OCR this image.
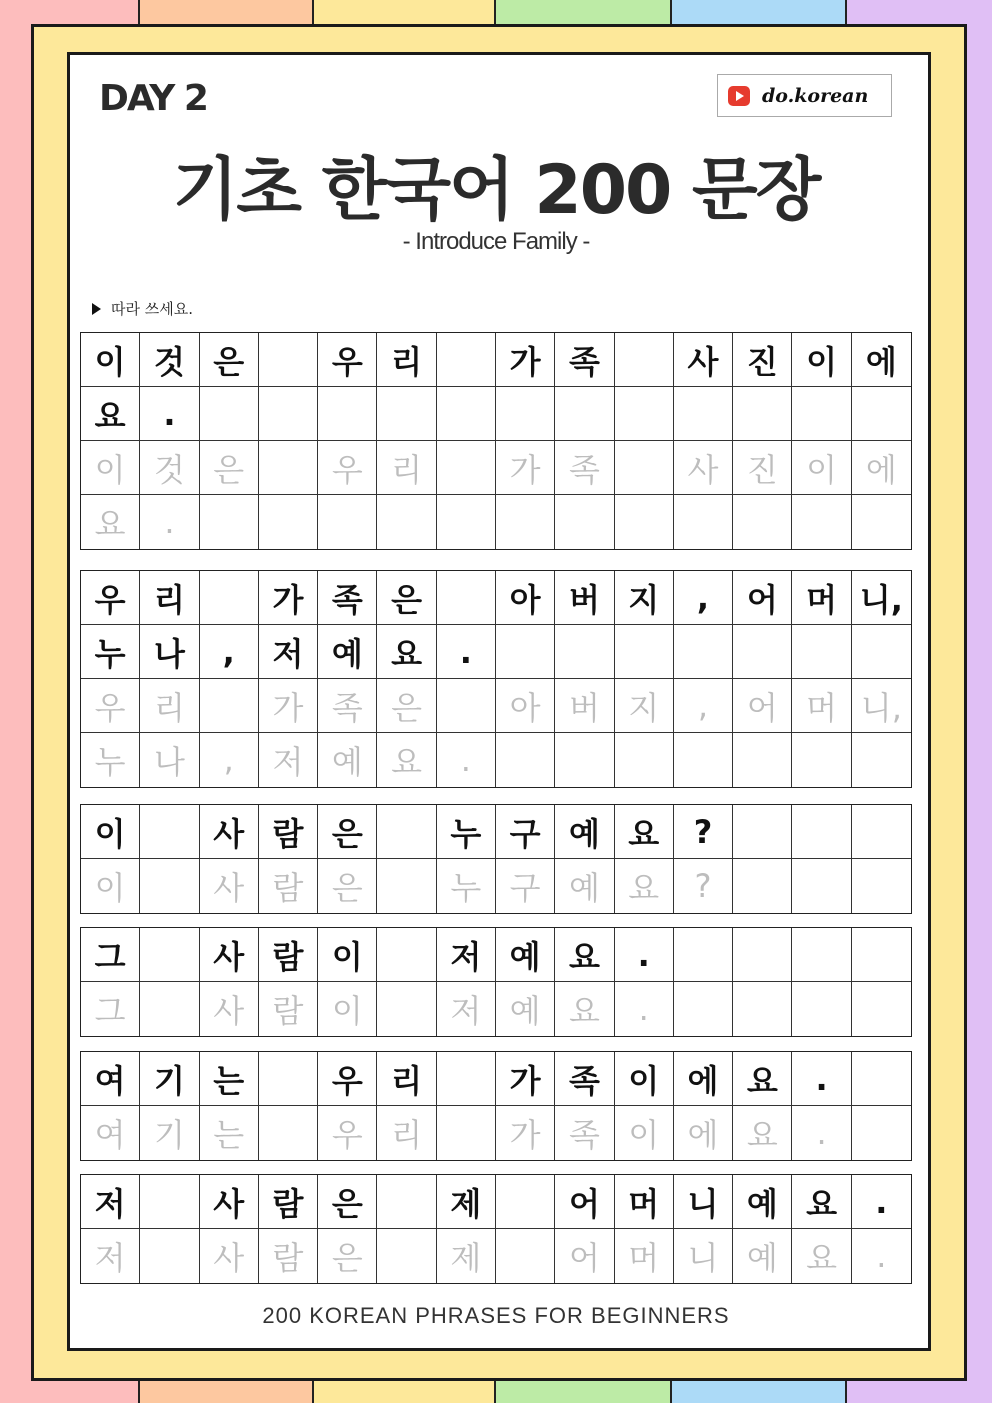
DAY 2	do.korean
기초 한국어 200 문장
- Introduce Family -
따라 쓰세요.
이 것 은	우 리	가 족	사 진 이 에
요	.
이 것 은	우 리	가 족	사 진 이 에
요	.
우 리	가 족 은	아 버 지	,	어 머 니,
누 나	,	저 예 요	.
우 리	가 족 은	아 버 지	,	어 머 니,
누 나	,	저 예 요	.
이	사 람 은	누 구 예 요	?
이	사 람 은	누 구 예 요	?
그	사 람 이	저 예 요	.
그	사 람 이	저 예 요	.
여 기 는	우 리	가 족 이 에 요	.
여 기 는	우 리	가 족 이 에 요	.
저	사 람 은	제	어 머 니 예 요	.
저	사 람 은	제	어 머 니 예 요	.
200 KOREAN PHRASES FOR BEGINNERS
